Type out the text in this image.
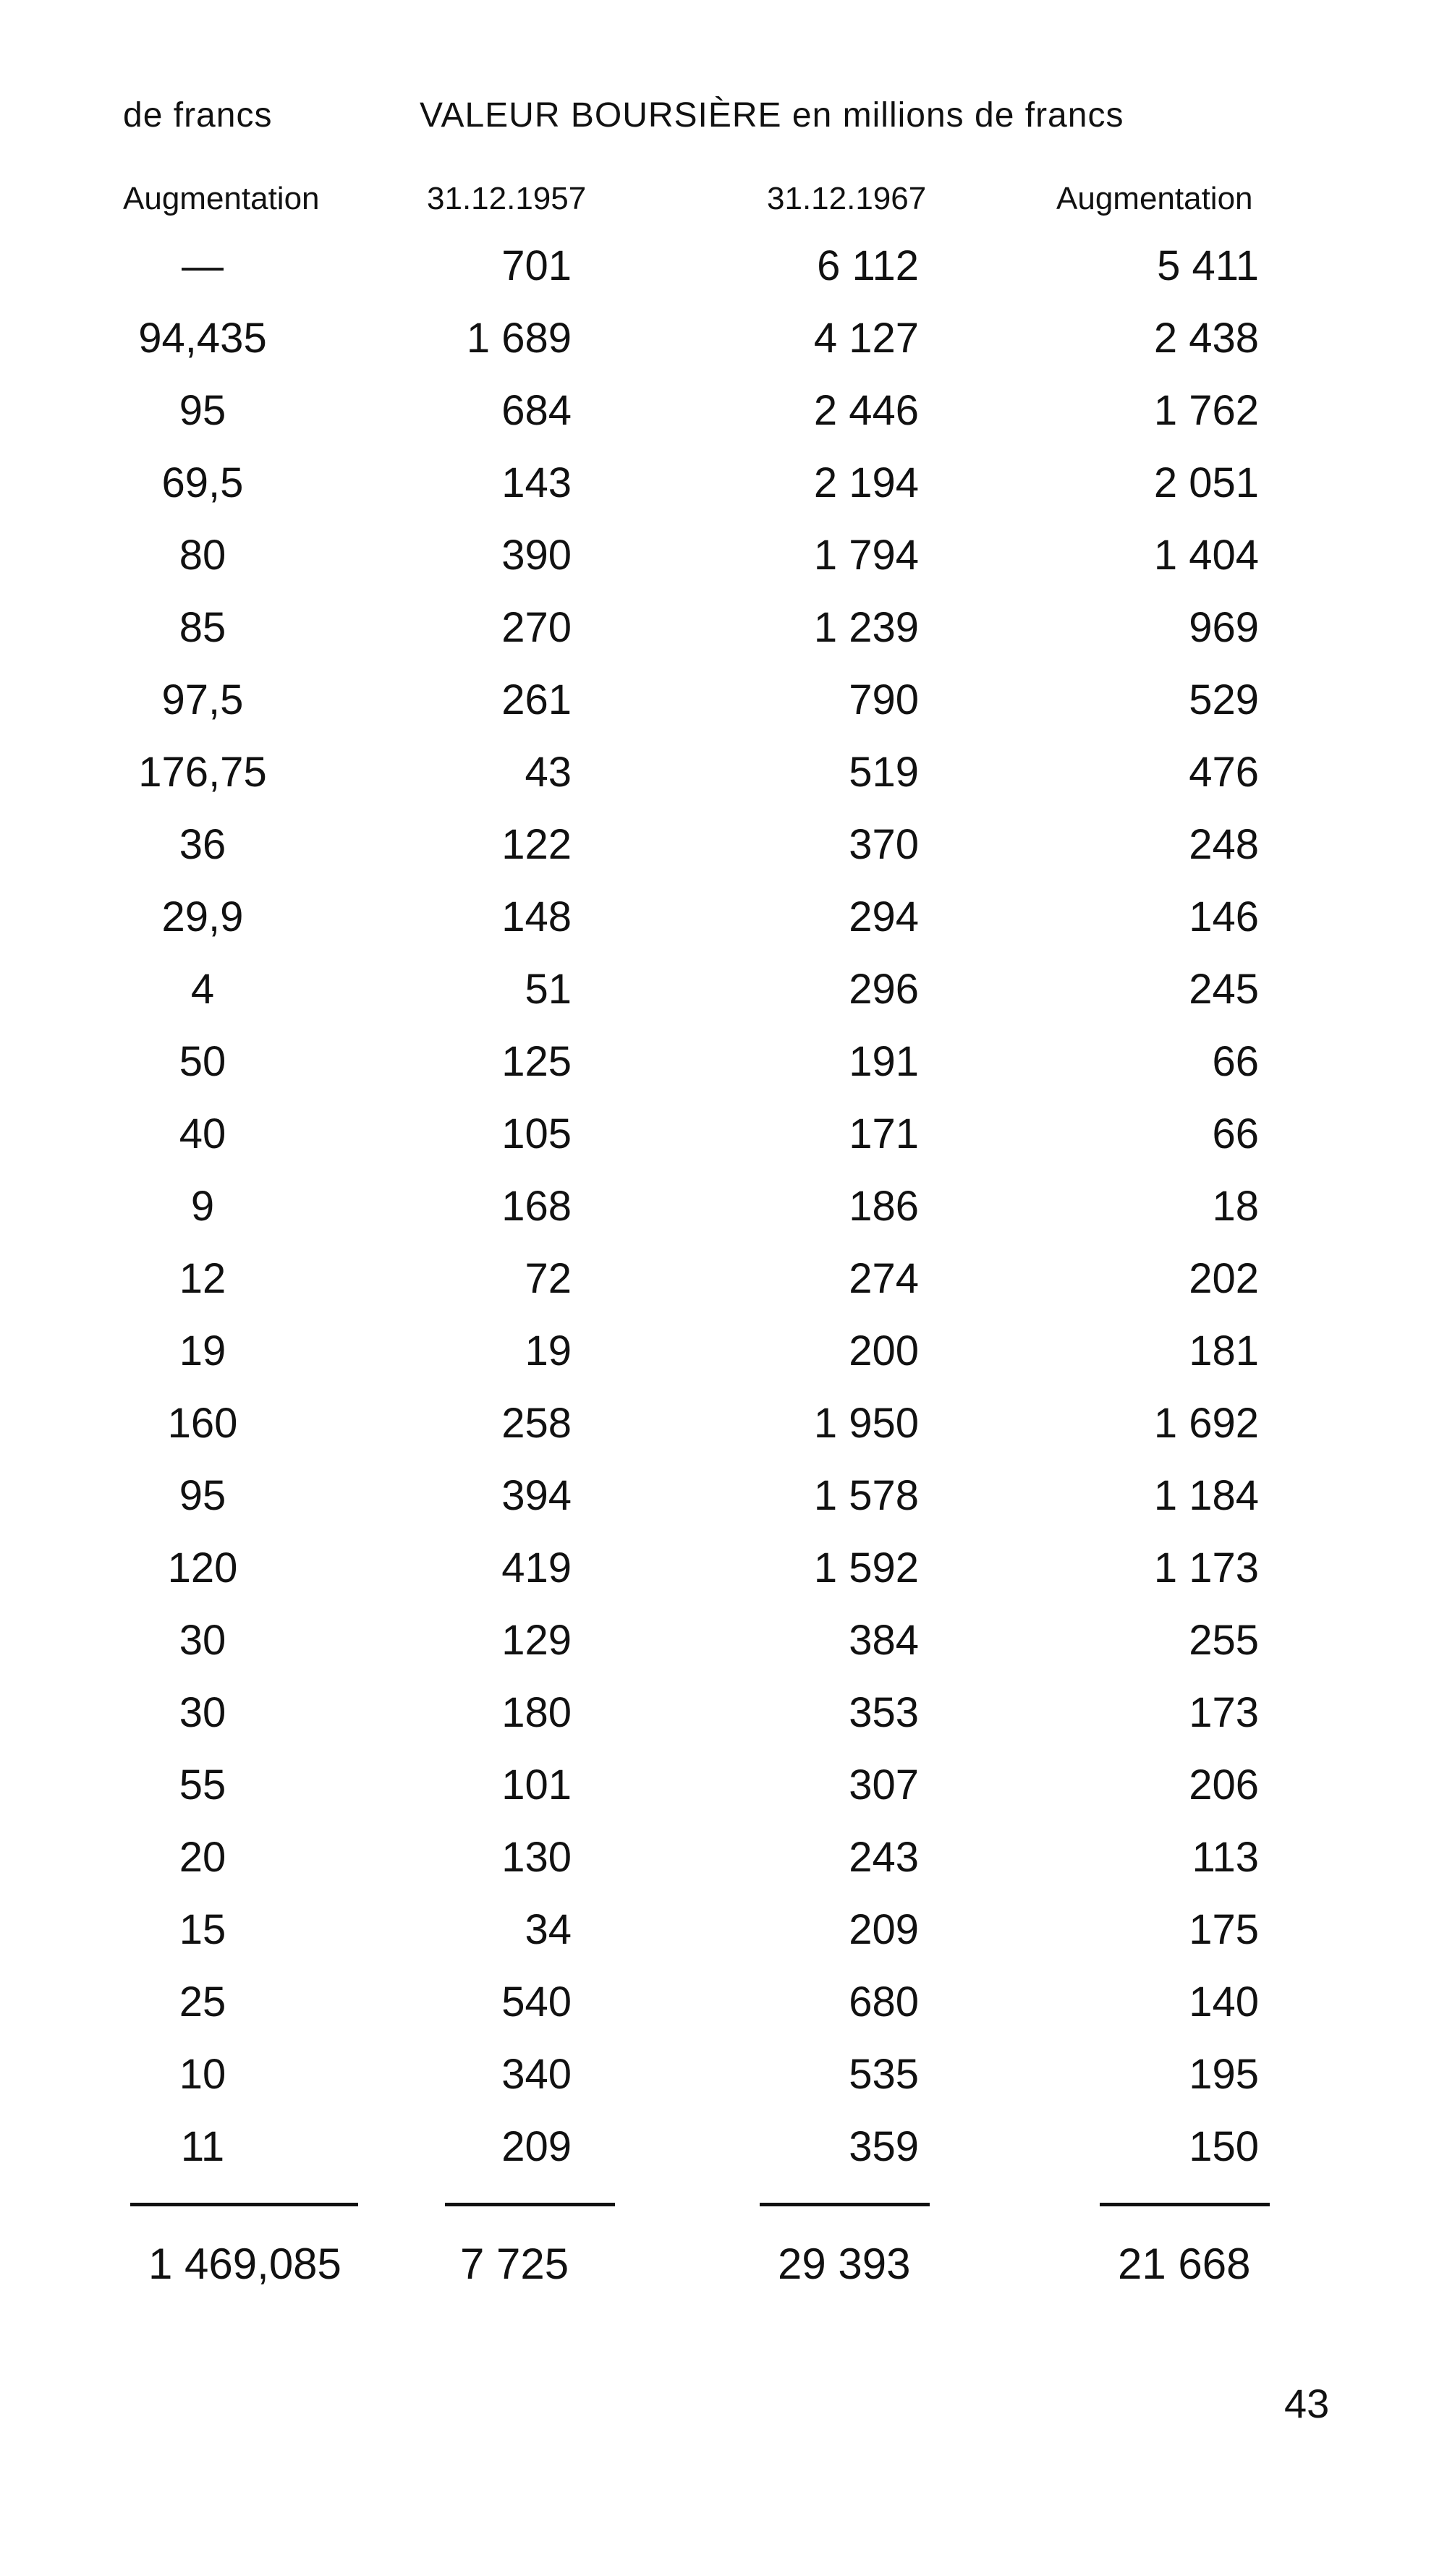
de francs	VALEUR BOURSIÈRE en millions de francs
Augmentation	31.12.1957	31.12.1967	Augmentation
—	701	6 112	5 411
94,435	1 689	4 127	2 438
95	684	2 446	1 762
69,5	143	2 194	2 051
80	390	1 794	1 404
85	270	1 239	969
97,5	261	790	529
176,75	43	519	476
36	122	370	248
29,9	148	294	146
4	51	296	245
50	125	191	66
40	105	171	66
9	168	186	18
12	72	274	202
19	19	200	181
160	258	1 950	1 692
95	394	1 578	1 184
120	419	1 592	1 173
30	129	384	255
30	180	353	173
55	101	307	206
20	130	243	113
15	34	209	175
25	540	680	140
10	340	535	195
11	209	359	150
1 469,085	7 725	29 393	21 668
43
